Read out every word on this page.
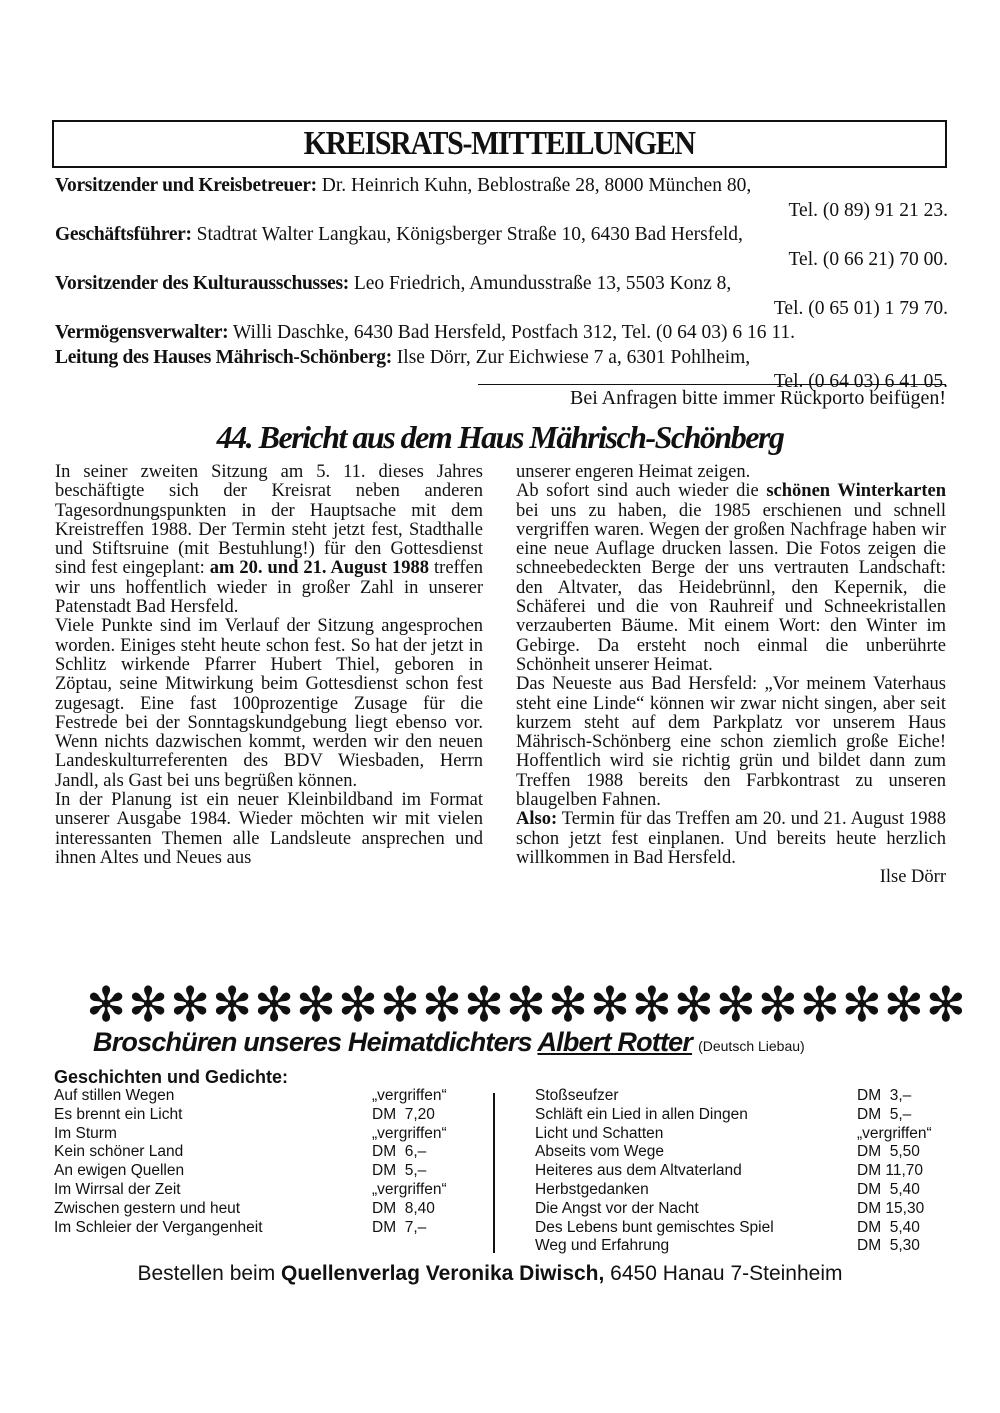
KREISRATS-MITTEILUNGEN
Vorsitzender und Kreisbetreuer: Dr. Heinrich Kuhn, Beblostraße 28, 8000 München 80,
Tel. (0 89) 91 21 23.
Geschäftsführer: Stadtrat Walter Langkau, Königsberger Straße 10, 6430 Bad Hersfeld,
Tel. (0 66 21) 70 00.
Vorsitzender des Kulturausschusses: Leo Friedrich, Amundusstraße 13, 5503 Konz 8,
Tel. (0 65 01) 1 79 70.
Vermögensverwalter: Willi Daschke, 6430 Bad Hersfeld, Postfach 312, Tel. (0 64 03) 6 16 11.
Leitung des Hauses Mährisch-Schönberg: Ilse Dörr, Zur Eichwiese 7 a, 6301 Pohlheim,
Tel. (0 64 03) 6 41 05.
Bei Anfragen bitte immer Rückporto beifügen!
44. Bericht aus dem Haus Mährisch-Schönberg

In seiner zweiten Sitzung am 5. 11. dieses Jahres beschäftigte sich der Kreisrat neben anderen Tagesordnungspunkten in der Hauptsache mit dem Kreistreffen 1988. Der Termin steht jetzt fest, Stadthalle und Stiftsruine (mit Bestuhlung!) für den Gottesdienst sind fest eingeplant: am 20. und 21. August 1988 treffen wir uns hoffentlich wieder in großer Zahl in unserer Patenstadt Bad Hersfeld.

Viele Punkte sind im Verlauf der Sitzung angesprochen worden. Einiges steht heute schon fest. So hat der jetzt in Schlitz wirkende Pfarrer Hubert Thiel, geboren in Zöptau, seine Mitwirkung beim Gottesdienst schon fest zugesagt. Eine fast 100prozentige Zusage für die Festrede bei der Sonntagskundgebung liegt ebenso vor. Wenn nichts dazwischen kommt, werden wir den neuen Landeskulturreferenten des BDV Wiesbaden, Herrn Jandl, als Gast bei uns begrüßen können.

In der Planung ist ein neuer Kleinbildband im Format unserer Ausgabe 1984. Wieder möchten wir mit vielen interessanten Themen alle Landsleute ansprechen und ihnen Altes und Neues aus

unserer engeren Heimat zeigen.

Ab sofort sind auch wieder die schönen Winterkarten bei uns zu haben, die 1985 erschienen und schnell vergriffen waren. Wegen der großen Nachfrage haben wir eine neue Auflage drucken lassen. Die Fotos zeigen die schneebedeckten Berge der uns vertrauten Landschaft: den Altvater, das Heidebrünnl, den Kepernik, die Schäferei und die von Rauhreif und Schneekristallen verzauberten Bäume. Mit einem Wort: den Winter im Gebirge. Da ersteht noch einmal die unberührte Schönheit unserer Heimat.

Das Neueste aus Bad Hersfeld: „Vor meinem Vaterhaus steht eine Linde“ können wir zwar nicht singen, aber seit kurzem steht auf dem Parkplatz vor unserem Haus Mährisch-Schönberg eine schon ziemlich große Eiche! Hoffentlich wird sie richtig grün und bildet dann zum Treffen 1988 bereits den Farbkontrast zu unseren blaugelben Fahnen.

Also: Termin für das Treffen am 20. und 21. August 1988 schon jetzt fest einplanen. Und bereits heute herzlich willkommen in Bad Hersfeld.

Ilse Dörr
✻ ✻ ✻ ✻ ✻ ✻ ✻ ✻ ✻ ✻ ✻ ✻ ✻ ✻ ✻ ✻ ✻ ✻ ✻ ✻ ✻
Broschüren unseres Heimatdichters Albert Rotter (Deutsch Liebau)
Geschichten und Gedichte:
Auf stillen Wegen	„vergriffen“
Es brennt ein Licht	DM  7,20
Im Sturm	„vergriffen“
Kein schöner Land	DM  6,–
An ewigen Quellen	DM  5,–
Im Wirrsal der Zeit	„vergriffen“
Zwischen gestern und heut	DM  8,40
Im Schleier der Vergangenheit	DM  7,–
Stoßseufzer	DM  3,–
Schläft ein Lied in allen Dingen	DM  5,–
Licht und Schatten	„vergriffen“
Abseits vom Wege	DM  5,50
Heiteres aus dem Altvaterland	DM 11,70
Herbstgedanken	DM  5,40
Die Angst vor der Nacht	DM 15,30
Des Lebens bunt gemischtes Spiel	DM  5,40
Weg und Erfahrung	DM  5,30
Bestellen beim Quellenverlag Veronika Diwisch, 6450 Hanau 7-Steinheim
